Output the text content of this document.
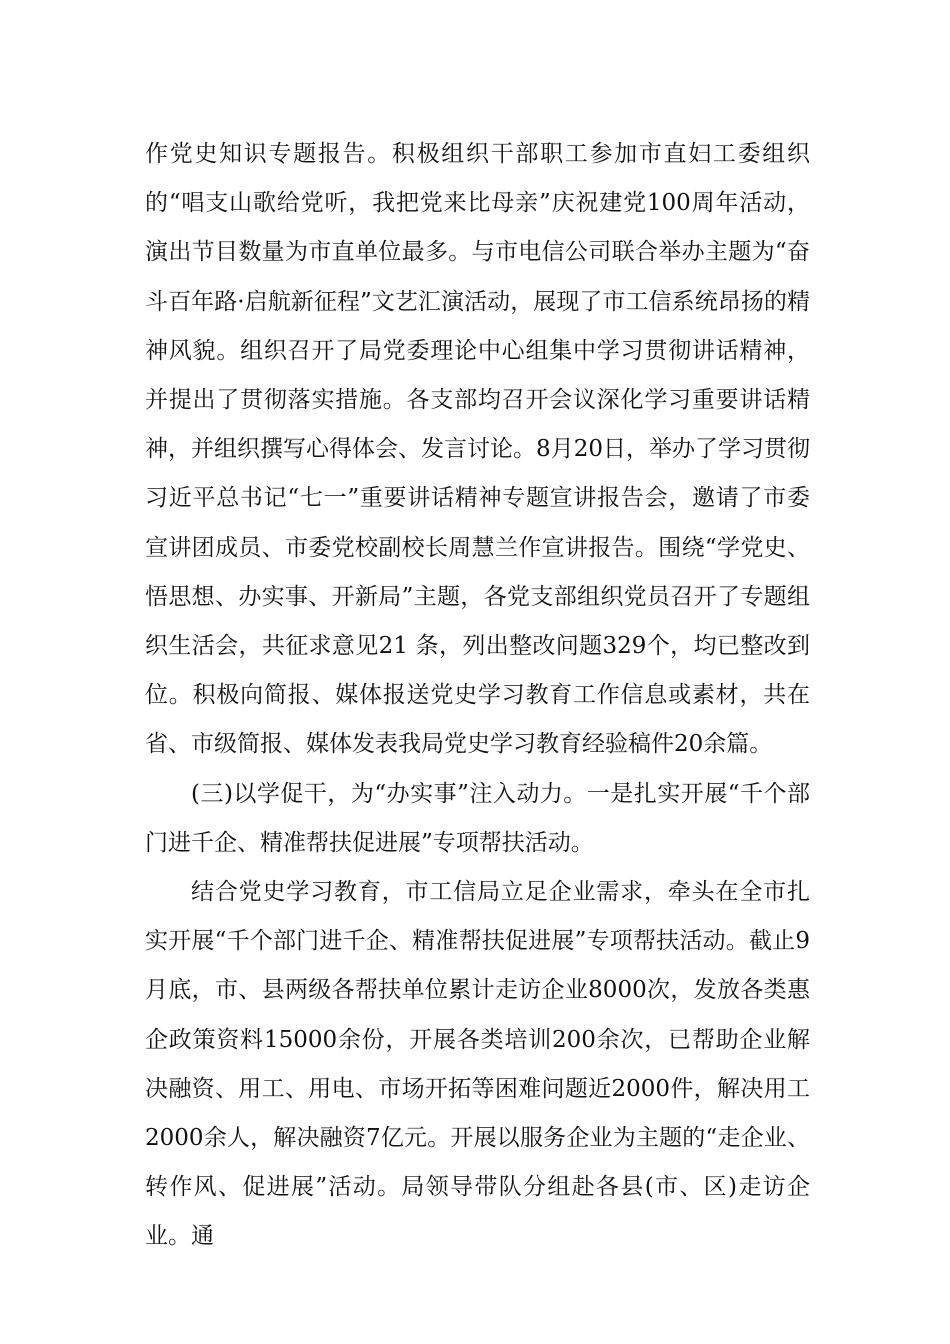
作党史知识专题报告。积极组织干部职工参加市直妇工委组织的“唱支山歌给党听，我把党来比母亲”庆祝建党100周年活动，演出节目数量为市直单位最多。与市电信公司联合举办主题为“奋斗百年路·启航新征程”文艺汇演活动，展现了市工信系统昂扬的精神风貌。组织召开了局党委理论中心组集中学习贯彻讲话精神，并提出了贯彻落实措施。各支部均召开会议深化学习重要讲话精神，并组织撰写心得体会、发言讨论。8月20日，举办了学习贯彻习近平总书记“七一”重要讲话精神专题宣讲报告会，邀请了市委宣讲团成员、市委党校副校长周慧兰作宣讲报告。围绕“学党史、悟思想、办实事、开新局”主题，各党支部组织党员召开了专题组织生活会，共征求意见21 条，列出整改问题329个，均已整改到位。积极向简报、媒体报送党史学习教育工作信息或素材，共在省、市级简报、媒体发表我局党史学习教育经验稿件20余篇。

(三)以学促干，为“办实事”注入动力。一是扎实开展“千个部门进千企、精准帮扶促进展”专项帮扶活动。

结合党史学习教育，市工信局立足企业需求，牵头在全市扎实开展“千个部门进千企、精准帮扶促进展”专项帮扶活动。截止9月底，市、县两级各帮扶单位累计走访企业8000次，发放各类惠企政策资料15000余份，开展各类培训200余次，已帮助企业解决融资、用工、用电、市场开拓等困难问题近2000件，解决用工2000余人，解决融资7亿元。开展以服务企业为主题的“走企业、转作风、促进展”活动。局领导带队分组赴各县(市、区)走访企业。通
